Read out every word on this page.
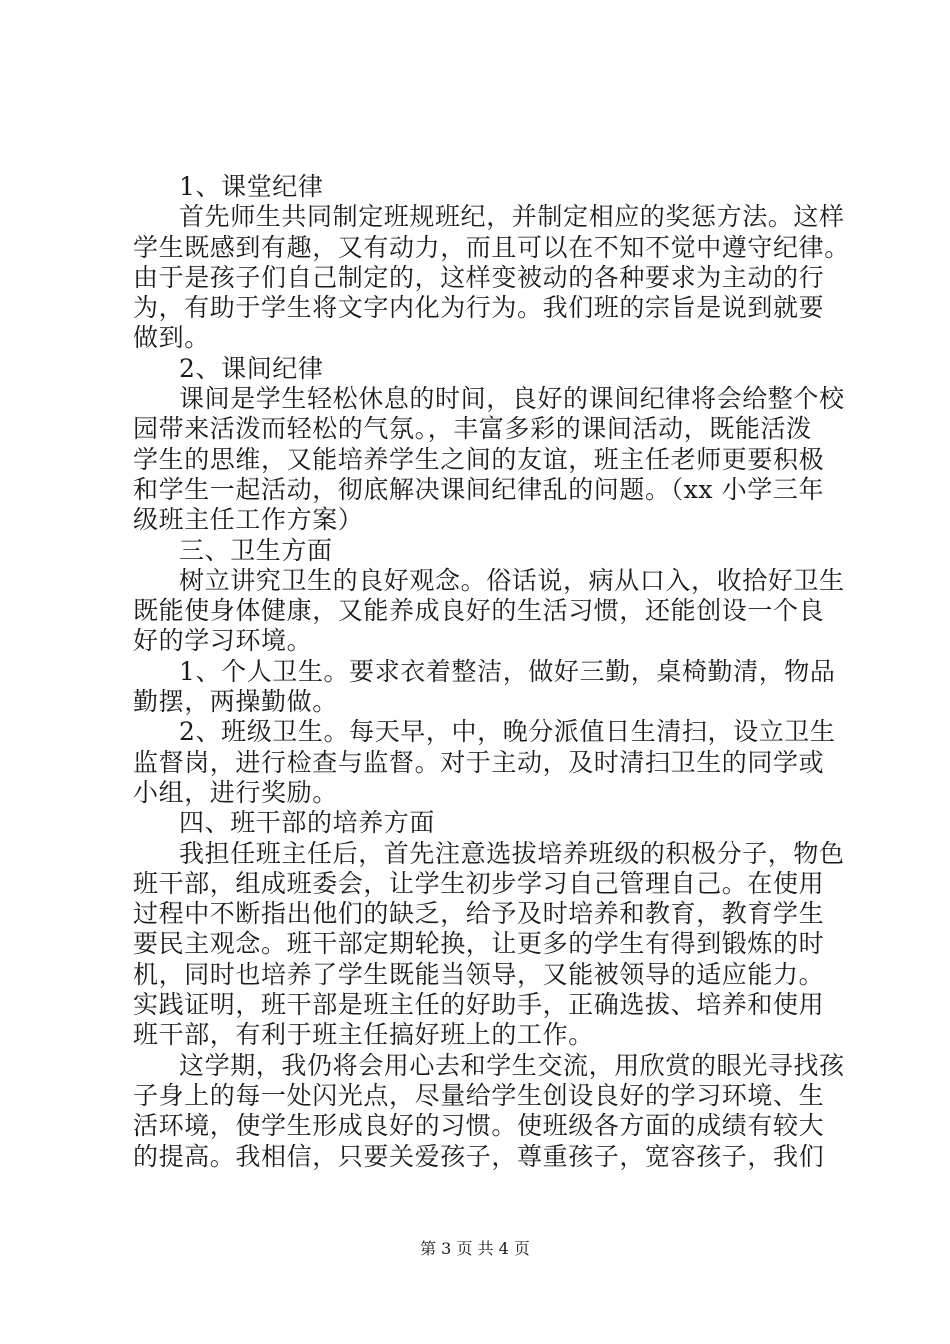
1、课堂纪律
首先师生共同制定班规班纪，并制定相应的奖惩方法。这样
学生既感到有趣，又有动力，而且可以在不知不觉中遵守纪律。
由于是孩子们自己制定的，这样变被动的各种要求为主动的行
为，有助于学生将文字内化为行为。我们班的宗旨是说到就要
做到。
2、课间纪律
课间是学生轻松休息的时间，良好的课间纪律将会给整个校
园带来活泼而轻松的气氛。，丰富多彩的课间活动，既能活泼
学生的思维，又能培养学生之间的友谊，班主任老师更要积极
和学生一起活动，彻底解决课间纪律乱的问题。（xx 小学三年
级班主任工作方案）
三、卫生方面
树立讲究卫生的良好观念。俗话说，病从口入，收拾好卫生
既能使身体健康，又能养成良好的生活习惯，还能创设一个良
好的学习环境。
1、个人卫生。要求衣着整洁，做好三勤，桌椅勤清，物品
勤摆，两操勤做。
2、班级卫生。每天早，中，晚分派值日生清扫，设立卫生
监督岗，进行检查与监督。对于主动，及时清扫卫生的同学或
小组，进行奖励。
四、班干部的培养方面
我担任班主任后，首先注意选拔培养班级的积极分子，物色
班干部，组成班委会，让学生初步学习自己管理自己。在使用
过程中不断指出他们的缺乏，给予及时培养和教育，教育学生
要民主观念。班干部定期轮换，让更多的学生有得到锻炼的时
机，同时也培养了学生既能当领导，又能被领导的适应能力。
实践证明，班干部是班主任的好助手，正确选拔、培养和使用
班干部，有利于班主任搞好班上的工作。
这学期，我仍将会用心去和学生交流，用欣赏的眼光寻找孩
子身上的每一处闪光点，尽量给学生创设良好的学习环境、生
活环境，使学生形成良好的习惯。使班级各方面的成绩有较大
的提高。我相信，只要关爱孩子，尊重孩子，宽容孩子，我们
第 3 页 共 4 页
